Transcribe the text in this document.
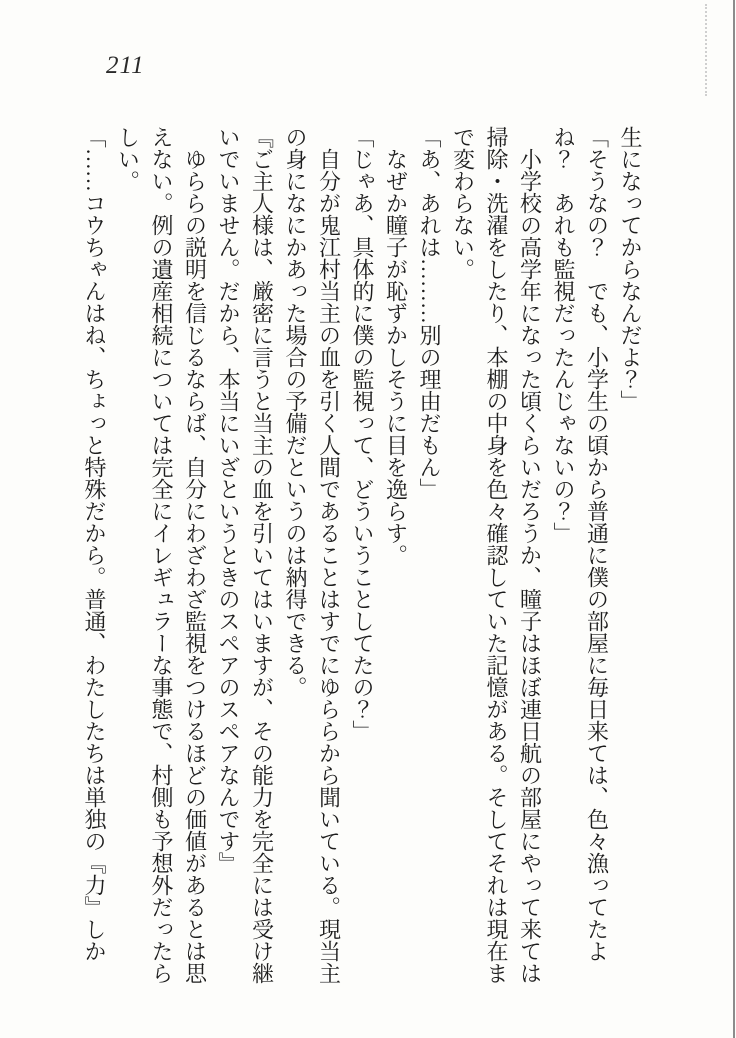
211

生になってからなんだよ？」

「そうなの？　でも、小学生の頃から普通に僕の部屋に毎日来ては、色々漁ってたよね？　あれも監視だったんじゃないの？」

小学校の高学年になった頃くらいだろうか、瞳子はほぼ連日航の部屋にやって来ては掃除・洗濯をしたり、本棚の中身を色々確認していた記憶がある。そしてそれは現在まで変わらない。

「あ、あれは………別の理由だもん」

なぜか瞳子が恥ずかしそうに目を逸らす。

「じゃあ、具体的に僕の監視って、どういうことしてたの？」

自分が鬼江村当主の血を引く人間であることはすでにゆららから聞いている。現当主の身になにかあった場合の予備だというのは納得できる。

『ご主人様は、厳密に言うと当主の血を引いてはいますが、その能力を完全には受け継いでいません。だから、本当にいざというときのスペアのスペアなんです』

ゆららの説明を信じるならば、自分にわざわざ監視をつけるほどの価値があるとは思えない。例の遺産相続については完全にイレギュラーな事態で、村側も予想外だったらしい。

「……コウちゃんはね、ちょっと特殊だから。普通、わたしたちは単独の『力』しか
